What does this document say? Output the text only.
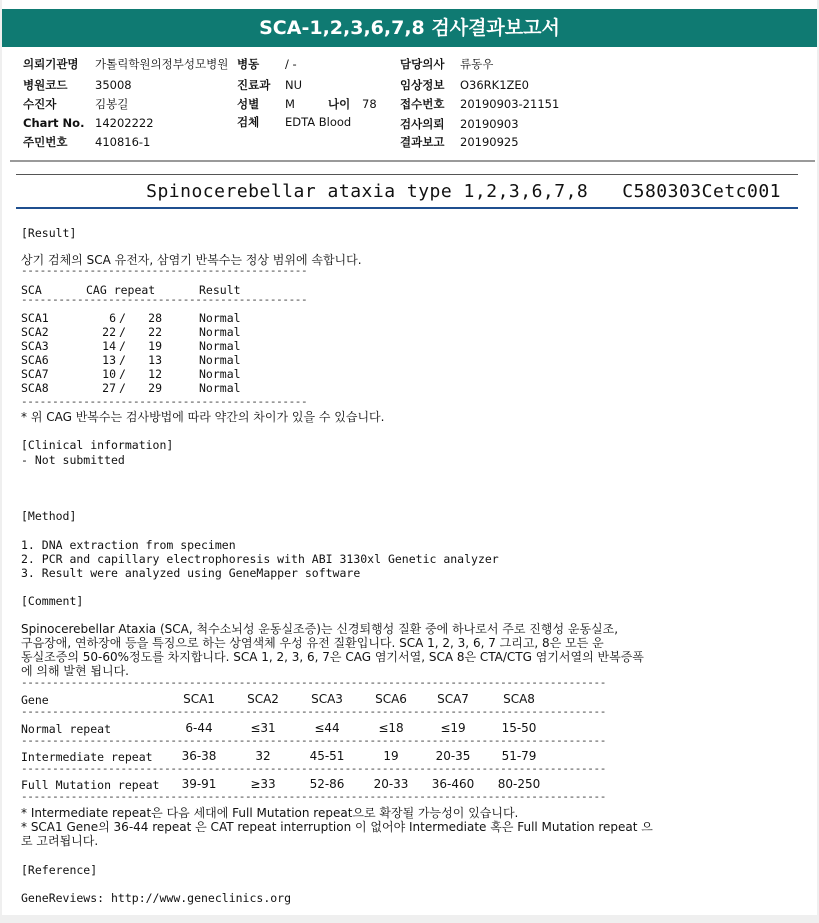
SCA-1,2,3,6,7,8 검사결과보고서
의뢰기관명 가톨릭학원의정부성모병원 병동 / -	담당의사 류동우
병원코드 35008	진료과 NU	임상정보 O36RK1ZE0
수진자	김봉길	성별 M	나이 78 접수번호 20190903-21151
Chart No. 14202222	검체 EDTA Blood	검사의뢰 20190903
주민번호 410816-1	결과보고 20190925
Spinocerebellar ataxia type 1,2,3,6,7,8 C580303Cetc001
[Result]
상기 검체의 SCA 유전자, 삼염기 반복수는 정상 범위에 속합니다.
----------------------------------------------
SCA	CAG repeat	Result
----------------------------------------------
SCA1	6 /	28	Normal
SCA2	22 /	22	Normal
SCA3	14 /	19	Normal
SCA6	13 /	13	Normal
SCA7	10 /	12	Normal
SCA8	27 /	29	Normal
----------------------------------------------
* 위 CAG 반복수는 검사방법에 따라 약간의 차이가 있을 수 있습니다.
[Clinical information]
- Not submitted
[Method]
1. DNA extraction from specimen
2. PCR and capillary electrophoresis with ABI 3130xl Genetic analyzer
3. Result were analyzed using GeneMapper software
[Comment]
Spinocerebellar Ataxia (SCA, 척수소뇌성 운동실조증)는 신경퇴행성 질환 중에 하나로서 주로 진행성 운동실조,
구음장애, 연하장애 등을 특징으로 하는 상염색체 우성 유전 질환입니다. SCA 1, 2, 3, 6, 7 그리고, 8은 모든 운
동실조증의 50-60%정도를 차지합니다. SCA 1, 2, 3, 6, 7은 CAG 염기서열, SCA 8은 CTA/CTG 염기서열의 반복증폭
에 의해 발현 됩니다.
----------------------------------------------------------------------------------------------
Gene	SCA1	SCA2	SCA3	SCA6	SCA7	SCA8
----------------------------------------------------------------------------------------------
Normal repeat	6-44	≤31	≤44	≤18	≤19	15-50
----------------------------------------------------------------------------------------------
Intermediate repeat	36-38	32	45-51	19	20-35	51-79
----------------------------------------------------------------------------------------------
Full Mutation repeat	39-91	≥33	52-86	20-33	36-460	80-250
----------------------------------------------------------------------------------------------
* Intermediate repeat은 다음 세대에 Full Mutation repeat으로 확장될 가능성이 있습니다.
* SCA1 Gene의 36-44 repeat 은 CAT repeat interruption 이 없어야 Intermediate 혹은 Full Mutation repeat 으
로 고려됩니다.
[Reference]
GeneReviews: http://www.geneclinics.org
